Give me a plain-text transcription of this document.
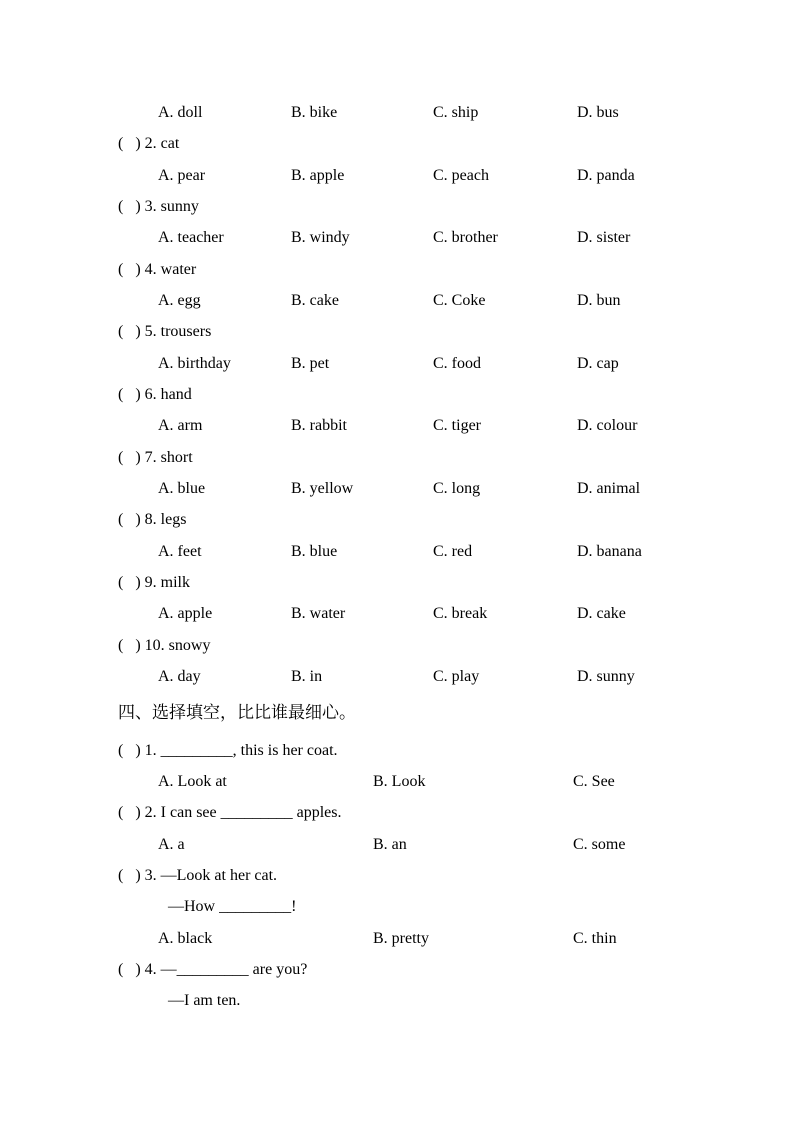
A. doll	B. bike	C. ship	D. bus
(   ) 2. cat
A. pear	B. apple	C. peach	D. panda
(   ) 3. sunny
A. teacher	B. windy	C. brother	D. sister
(   ) 4. water
A. egg	B. cake	C. Coke	D. bun
(   ) 5. trousers
A. birthday	B. pet	C. food	D. cap
(   ) 6. hand
A. arm	B. rabbit	C. tiger	D. colour
(   ) 7. short
A. blue	B. yellow	C. long	D. animal
(   ) 8. legs
A. feet	B. blue	C. red	D. banana
(   ) 9. milk
A. apple	B. water	C. break	D. cake
(   ) 10. snowy
A. day	B. in	C. play	D. sunny
四、选择填空，比比谁最细心。
(   ) 1. _________, this is her coat.
A. Look at	B. Look	C. See
(   ) 2. I can see _________ apples.
A. a	B. an	C. some
(   ) 3. —Look at her cat.
—How _________!
A. black	B. pretty	C. thin
(   ) 4. —_________ are you?
—I am ten.
